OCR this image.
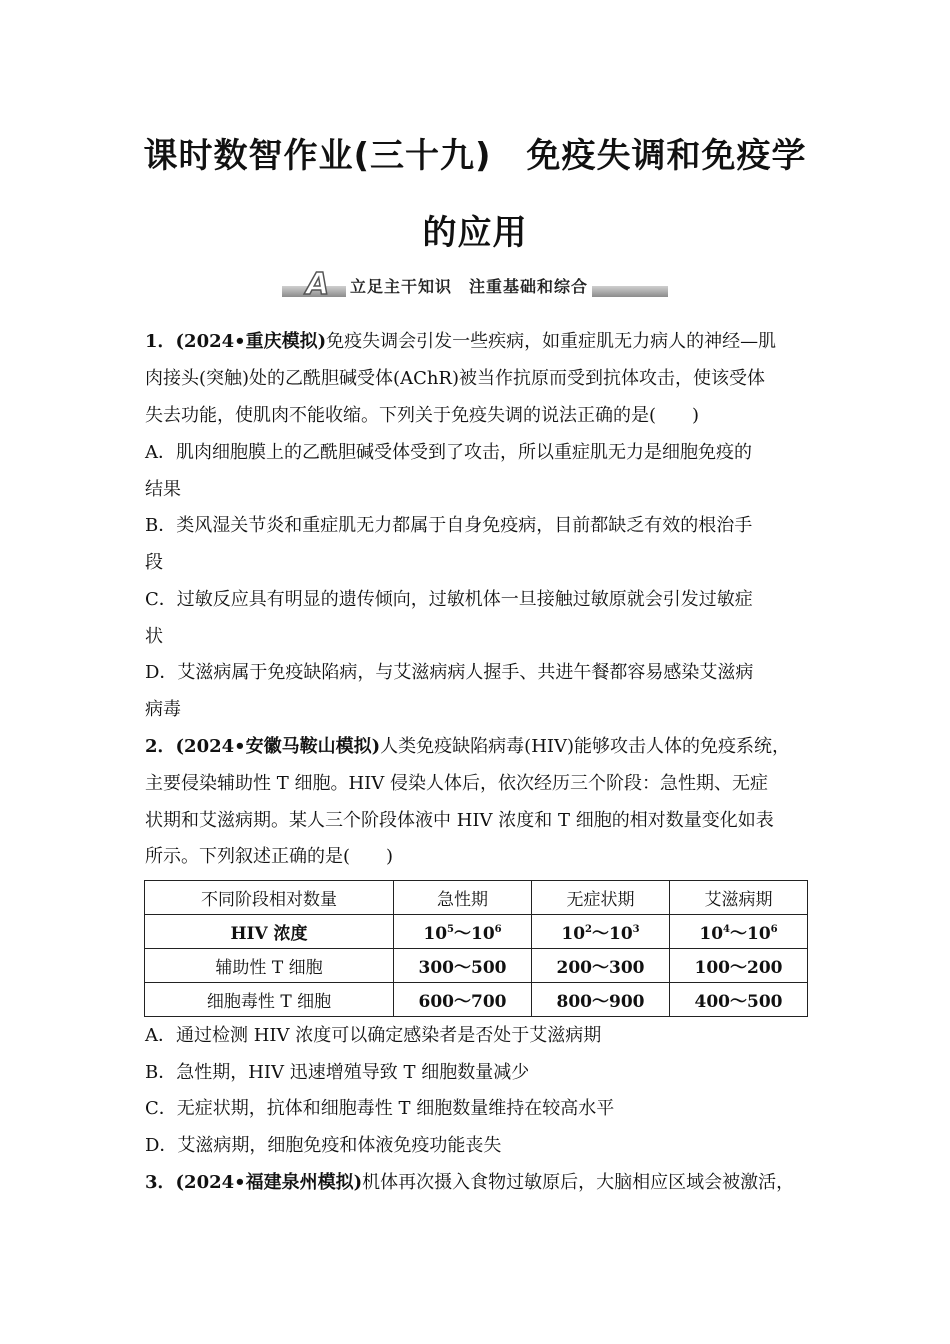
课时数智作业(三十九)　免疫失调和免疫学
的应用
A	立足主干知识　注重基础和综合
1．(2024•重庆模拟)免疫失调会引发一些疾病，如重症肌无力病人的神经—肌
肉接头(突触)处的乙酰胆碱受体(AChR)被当作抗原而受到抗体攻击，使该受体
失去功能，使肌肉不能收缩。下列关于免疫失调的说法正确的是(　　)
A．肌肉细胞膜上的乙酰胆碱受体受到了攻击，所以重症肌无力是细胞免疫的
结果
B．类风湿关节炎和重症肌无力都属于自身免疫病，目前都缺乏有效的根治手
段
C．过敏反应具有明显的遗传倾向，过敏机体一旦接触过敏原就会引发过敏症
状
D．艾滋病属于免疫缺陷病，与艾滋病病人握手、共进午餐都容易感染艾滋病
病毒
2．(2024•安徽马鞍山模拟)人类免疫缺陷病毒(HIV)能够攻击人体的免疫系统，
主要侵染辅助性 T 细胞。HIV 侵染人体后，依次经历三个阶段：急性期、无症
状期和艾滋病期。某人三个阶段体液中 HIV 浓度和 T 细胞的相对数量变化如表
所示。下列叙述正确的是(　　)
不同阶段相对数量	急性期	无症状期	艾滋病期
HIV 浓度	$10^5\sim 10^6$	$10^2\sim 10^3$	$10^4\sim 10^6$
辅助性 T 细胞	300～500	200～300	100～200
细胞毒性 T 细胞	600～700	800～900	400～500
A．通过检测 HIV 浓度可以确定感染者是否处于艾滋病期
B．急性期，HIV 迅速增殖导致 T 细胞数量减少
C．无症状期，抗体和细胞毒性 T 细胞数量维持在较高水平
D．艾滋病期，细胞免疫和体液免疫功能丧失
3．(2024•福建泉州模拟)机体再次摄入食物过敏原后，大脑相应区域会被激活，
